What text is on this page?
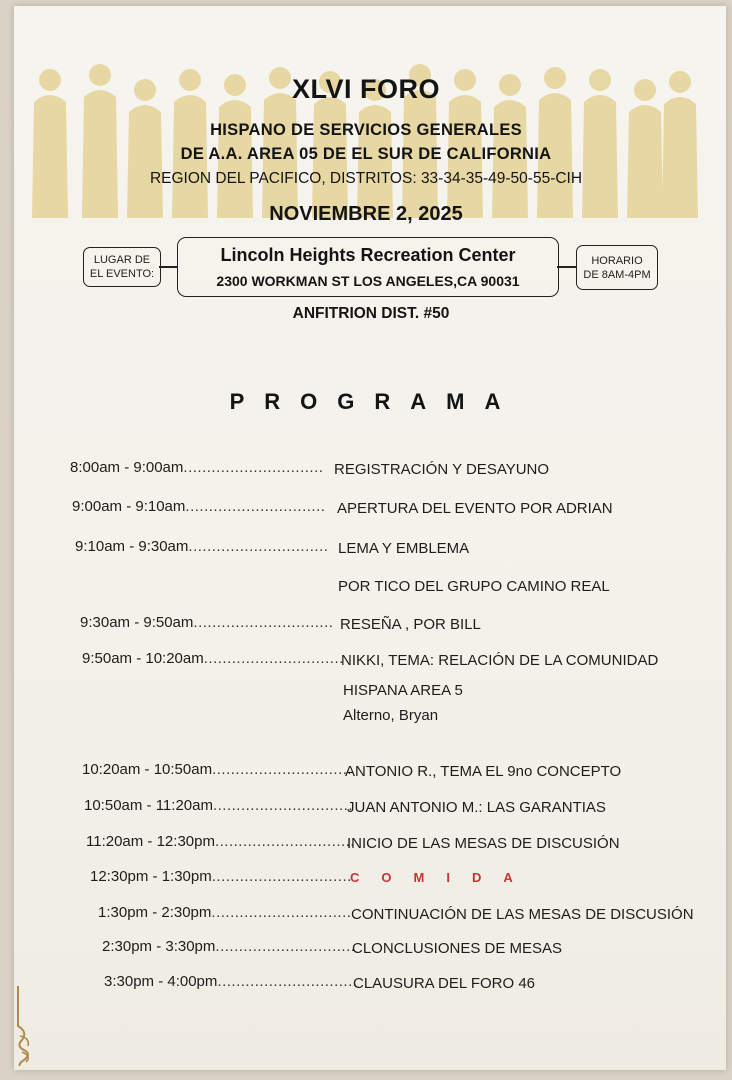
XLVI FORO
HISPANO DE SERVICIOS GENERALES
DE A.A. AREA 05 DE EL SUR DE CALIFORNIA
REGION DEL PACIFICO, DISTRITOS: 33-34-35-49-50-55-CIH
NOVIEMBRE 2, 2025
LUGAR DE
EL EVENTO:
Lincoln Heights Recreation Center
2300 WORKMAN ST LOS ANGELES,CA 90031
HORARIO
DE 8AM-4PM
ANFITRION DIST. #50
PROGRAMA
8:00am - 9:00am.............................. REGISTRACIÓN Y DESAYUNO
9:00am - 9:10am.............................. APERTURA DEL EVENTO POR ADRIAN
9:10am - 9:30am.............................. LEMA Y EMBLEMA
POR TICO DEL GRUPO CAMINO REAL
9:30am - 9:50am.............................. RESEÑA , POR BILL
9:50am - 10:20am..............................
NIKKI, TEMA: RELACIÓN DE LA COMUNIDAD
HISPANA AREA 5
Alterno, Bryan
10:20am - 10:50am..............................
ANTONIO R., TEMA EL 9no CONCEPTO
10:50am - 11:20am..............................
JUAN ANTONIO M.: LAS GARANTIAS
11:20am - 12:30pm..............................
INICIO DE LAS MESAS DE DISCUSIÓN
12:30pm - 1:30pm..............................
COMIDA
1:30pm - 2:30pm.............................. CONTINUACIÓN DE LAS MESAS DE DISCUSIÓN
2:30pm - 3:30pm..............................
CLONCLUSIONES DE MESAS
3:30pm - 4:00pm..............................
CLAUSURA DEL FORO 46
